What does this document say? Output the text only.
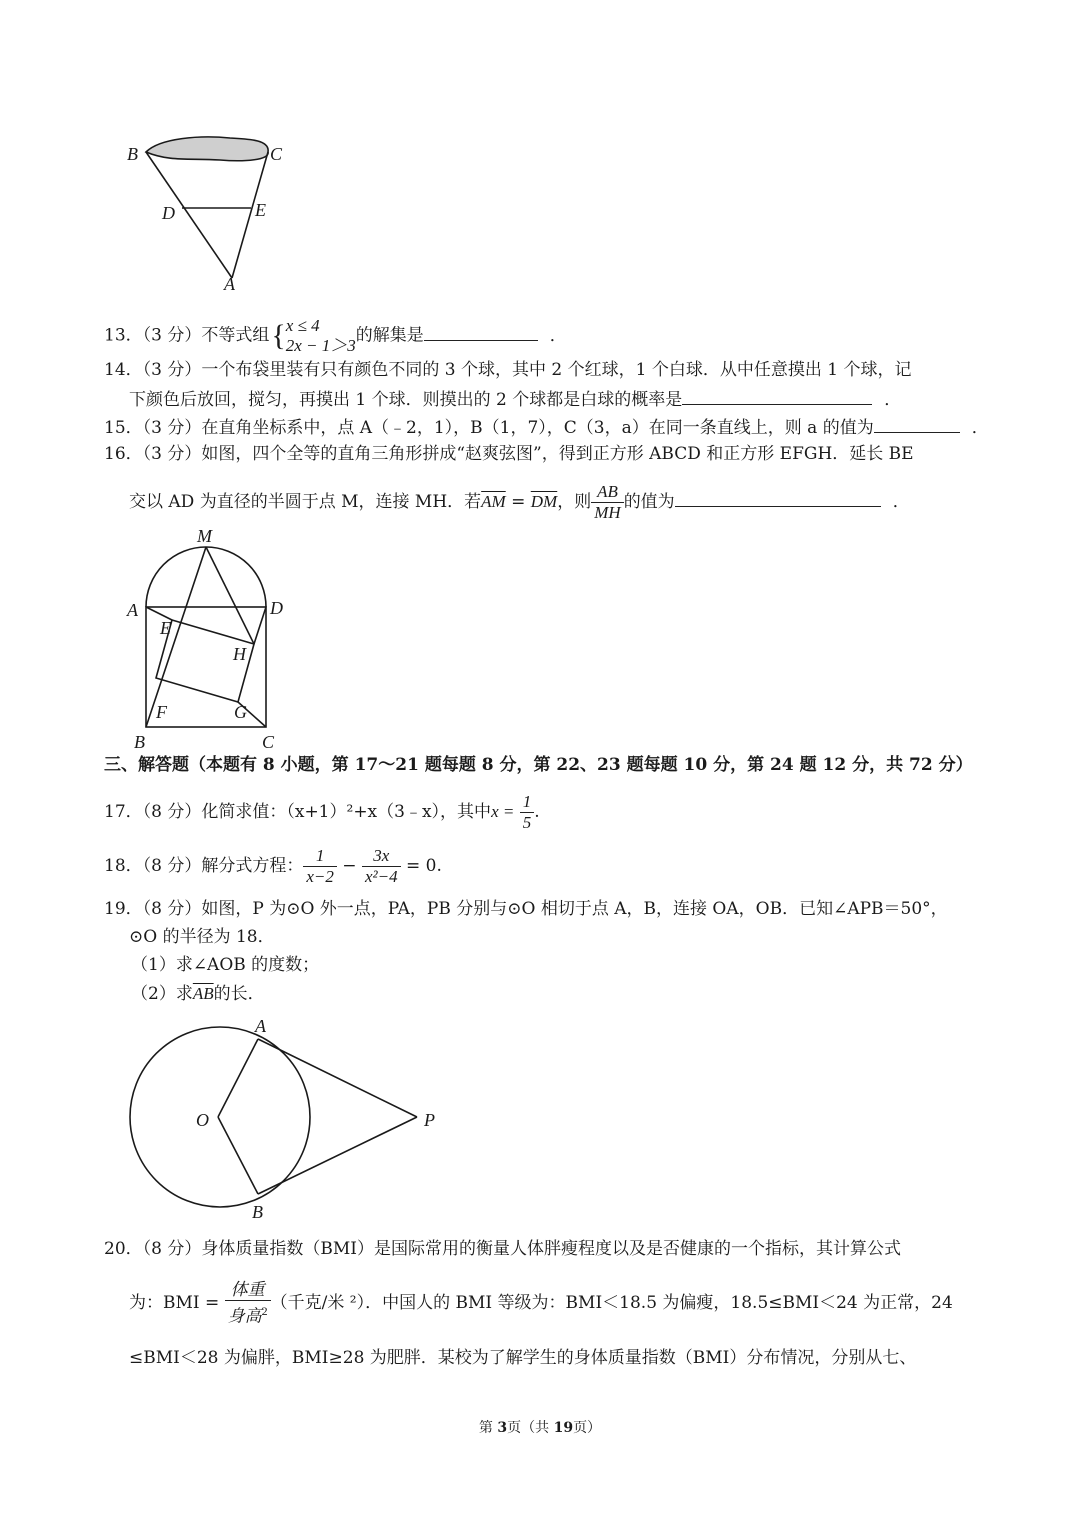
B	C
D	E
A
13．（3 分）不等式组{ x ≤ 4
2x − 1＞3 的解集是	．
14．（3 分）一个布袋里装有只有颜色不同的 3 个球，其中 2 个红球，1 个白球．从中任意摸出 1 个球，记
下颜色后放回，搅匀，再摸出 1 个球．则摸出的 2 个球都是白球的概率是	．
15．（3 分）在直角坐标系中，点 A（﹣2，1），B（1，7），C（3，a）在同一条直线上，则 a 的值为	．
16．（3 分）如图，四个全等的直角三角形拼成“赵爽弦图”，得到正方形 ABCD 和正方形 EFGH．延长 BE
交以 AD 为直径的半圆于点 M，连接 MH．若$\overline{AM} = \overline{DM}$，则 $\frac{AB}{MH}$ 的值为	．
M
A	D
E
H
F	G
B	C
三、解答题（本题有 8 小题，第 17～21 题每题 8 分，第 22、23 题每题 10 分，第 24 题 12 分，共 72 分）
17．（8 分）化简求值：（x+1）²+x（3﹣x），其中$x = \frac{1}{5}$ .
18．（8 分）解分式方程： $\frac{1}{x-2} - \frac{3x}{\text{x²−4}} = 0$.
19．（8 分）如图，P 为⊙O 外一点，PA，PB 分别与⊙O 相切于点 A，B，连接 OA，OB．已知∠APB＝50°，
⊙O 的半径为 18．
（1）求∠AOB 的度数；
（2）求$\overline{AB}$的长．
A
O	P
B
20．（8 分）身体质量指数（BMI）是国际常用的衡量人体胖瘦程度以及是否健康的一个指标，其计算公式
为：BMI = $\frac{\text{体重}}{身高^2}$ （千克/米 ²）．中国人的 BMI 等级为：BMI＜18.5 为偏瘦，18.5≤BMI＜24 为正常，24
≤BMI＜28 为偏胖，BMI≥28 为肥胖．某校为了解学生的身体质量指数（BMI）分布情况，分别从七、
第 3页（共 19页）
